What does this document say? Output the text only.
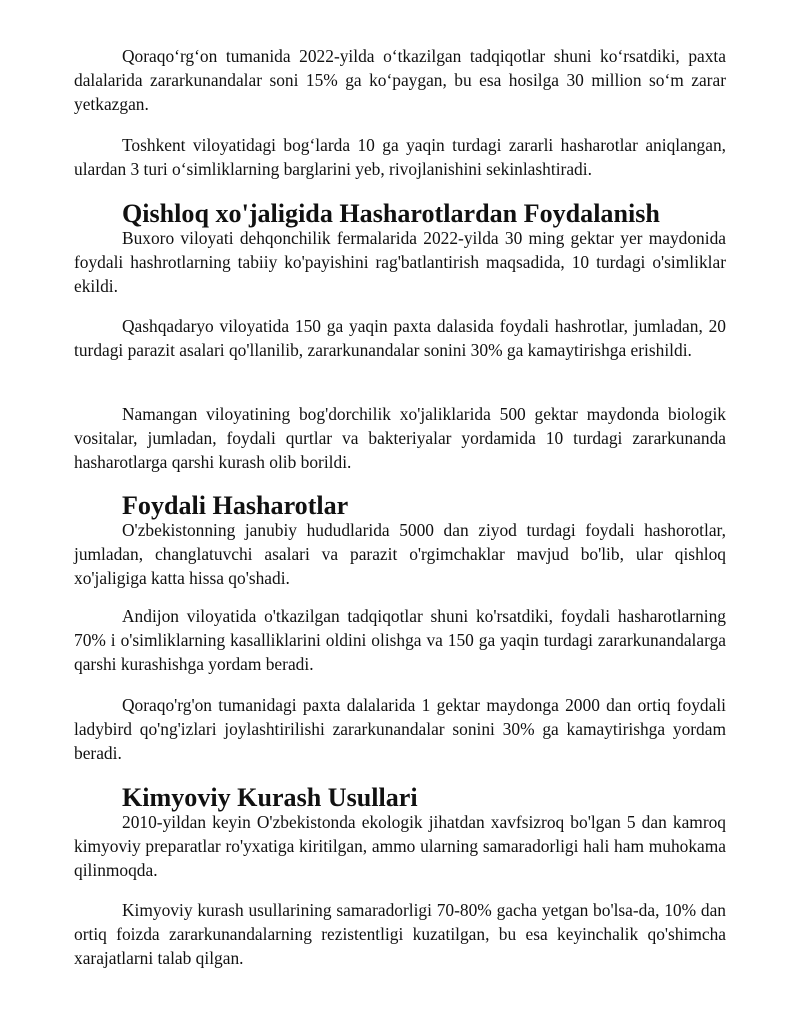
Qoraqo‘rg‘on tumanida 2022-yilda o‘tkazilgan tadqiqotlar shuni ko‘rsatdiki, paxta dalalarida zararkunandalar soni 15% ga ko‘paygan, bu esa hosilga 30 million so‘m zarar yetkazgan.

Toshkent viloyatidagi bog‘larda 10 ga yaqin turdagi zararli hasharotlar aniqlangan, ulardan 3 turi o‘simliklarning barglarini yeb, rivojlanishini sekinlashtiradi.

Qishloq xo'jaligida Hasharotlardan Foydalanish

Buxoro viloyati dehqonchilik fermalarida 2022-yilda 30 ming gektar yer maydonida foydali hashrotlarning tabiiy ko'payishini rag'batlantirish maqsadida, 10 turdagi o'simliklar ekildi.

Qashqadaryo viloyatida 150 ga yaqin paxta dalasida foydali hashrotlar, jumladan, 20 turdagi parazit asalari qo'llanilib, zararkunandalar sonini 30% ga kamaytirishga erishildi.

Namangan viloyatining bog'dorchilik xo'jaliklarida 500 gektar maydonda biologik vositalar, jumladan, foydali qurtlar va bakteriyalar yordamida 10 turdagi zararkunanda hasharotlarga qarshi kurash olib borildi.

Foydali Hasharotlar

O'zbekistonning janubiy hududlarida 5000 dan ziyod turdagi foydali hashorotlar, jumladan, changlatuvchi asalari va parazit o'rgimchaklar mavjud bo'lib, ular qishloq xo'jaligiga katta hissa qo'shadi.

Andijon viloyatida o'tkazilgan tadqiqotlar shuni ko'rsatdiki, foydali hasharotlarning 70% i o'simliklarning kasalliklarini oldini olishga va 150 ga yaqin turdagi zararkunandalarga qarshi kurashishga yordam beradi.

Qoraqo'rg'on tumanidagi paxta dalalarida 1 gektar maydonga 2000 dan ortiq foydali ladybird qo'ng'izlari joylashtirilishi zararkunandalar sonini 30% ga kamaytirishga yordam beradi.

Kimyoviy Kurash Usullari

2010-yildan keyin O'zbekistonda ekologik jihatdan xavfsizroq bo'lgan 5 dan kamroq kimyoviy preparatlar ro'yxatiga kiritilgan, ammo ularning samaradorligi hali ham muhokama qilinmoqda.

Kimyoviy kurash usullarining samaradorligi 70-80% gacha yetgan bo'lsa-da, 10% dan ortiq foizda zararkunandalarning rezistentligi kuzatilgan, bu esa keyinchalik qo'shimcha xarajatlarni talab qilgan.
